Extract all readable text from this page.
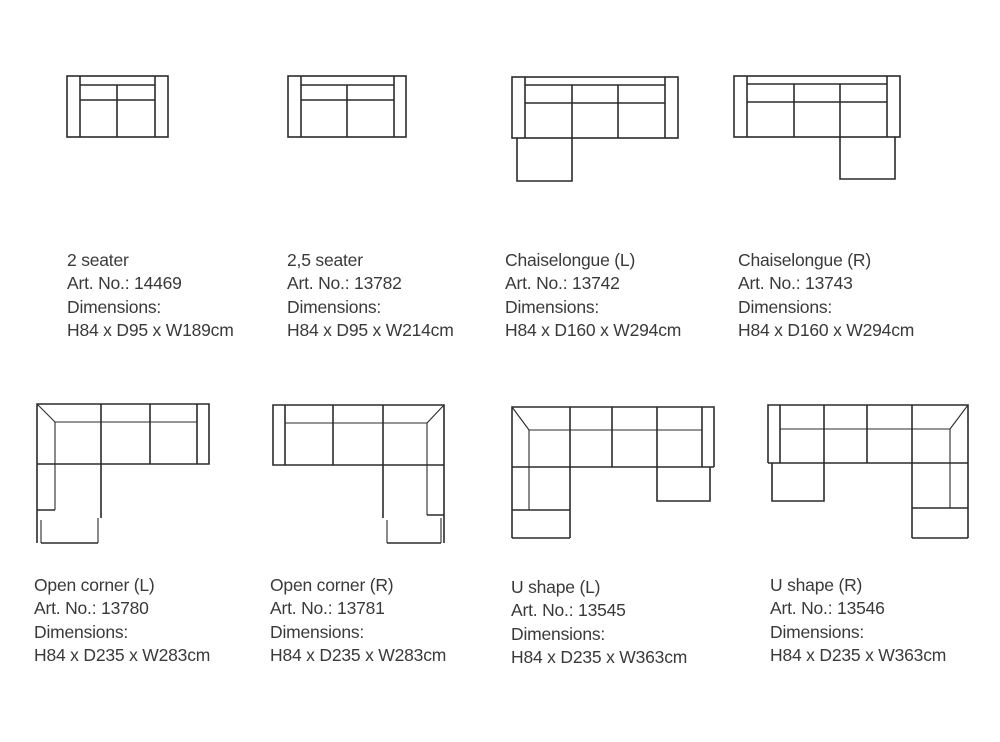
2 seater
Art. No.: 14469
Dimensions:
H84 x D95 x W189cm
2,5 seater
Art. No.: 13782
Dimensions:
H84 x D95 x W214cm
Chaiselongue (L)
Art. No.: 13742
Dimensions:
H84 x D160 x W294cm
Chaiselongue (R)
Art. No.: 13743
Dimensions:
H84 x D160 x W294cm
Open corner (L)
Art. No.: 13780
Dimensions:
H84 x D235 x W283cm
Open corner (R)
Art. No.: 13781
Dimensions:
H84 x D235 x W283cm
U shape (L)
Art. No.: 13545
Dimensions:
H84 x D235 x W363cm
U shape (R)
Art. No.: 13546
Dimensions:
H84 x D235 x W363cm
